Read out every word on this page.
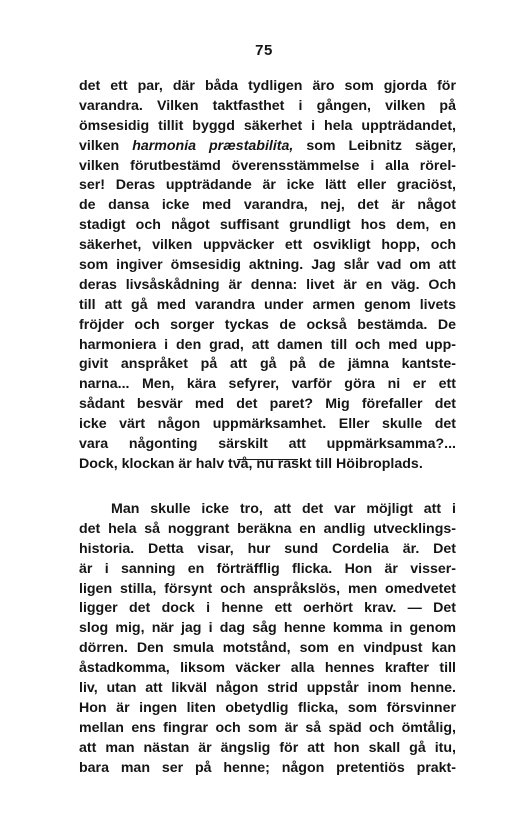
75
det ett par, där båda tydligen äro som gjorda för
varandra. Vilken taktfasthet i gången, vilken på
ömsesidig tillit byggd säkerhet i hela uppträdandet,
vilken harmonia præstabilita, som Leibnitz säger,
vilken förutbestämd överensstämmelse i alla rörel-
ser! Deras uppträdande är icke lätt eller graciöst,
de dansa icke med varandra, nej, det är något
stadigt och något suffisant grundligt hos dem, en
säkerhet, vilken uppväcker ett osvikligt hopp, och
som ingiver ömsesidig aktning. Jag slår vad om att
deras livsåskådning är denna: livet är en väg. Och
till att gå med varandra under armen genom livets
fröjder och sorger tyckas de också bestämda. De
harmoniera i den grad, att damen till och med upp-
givit anspråket på att gå på de jämna kantste-
narna... Men, kära sefyrer, varför göra ni er ett
sådant besvär med det paret? Mig förefaller det
icke värt någon uppmärksamhet. Eller skulle det
vara någonting särskilt att uppmärksamma?...
Dock, klockan är halv två, nu raskt till Höibroplads.
Man skulle icke tro, att det var möjligt att i
det hela så noggrant beräkna en andlig utvecklings-
historia. Detta visar, hur sund Cordelia är. Det
är i sanning en förträfflig flicka. Hon är visser-
ligen stilla, försynt och anspråkslös, men omedvetet
ligger det dock i henne ett oerhört krav. — Det
slog mig, när jag i dag såg henne komma in genom
dörren. Den smula motstånd, som en vindpust kan
åstadkomma, liksom väcker alla hennes krafter till
liv, utan att likväl någon strid uppstår inom henne.
Hon är ingen liten obetydlig flicka, som försvinner
mellan ens fingrar och som är så späd och ömtålig,
att man nästan är ängslig för att hon skall gå itu,
bara man ser på henne; någon pretentiös prakt-
